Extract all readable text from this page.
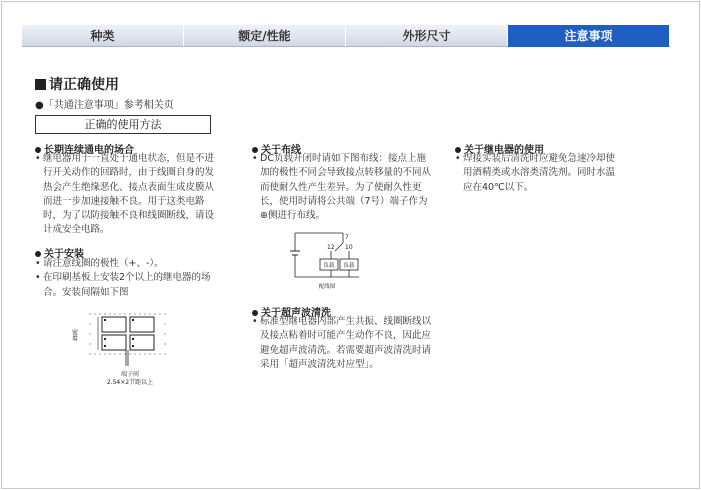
种类	额定/性能	外形尺寸	注意事项
请正确使用
●「共通注意事项」参考相关页
正确的使用方法
长期连续通电的场合
• 继电器用于一直处于通电状态，但是不进行开关动作的回路时，由于线圈自身的发热会产生绝缘恶化、接点表面生成皮膜从而进一步加速接触不良。用于这类电路时，为了以防接触不良和线圈断线，请设计成安全电路。
关于安装
• 请注意线圈的极性（+、-）。
• 在印刷基板上安装2个以上的继电器的场合。安装间隔如下图
密着
端子间
2.54×2节距以上
关于布线
• DC负载开闭时请如下图布线：接点上施加的极性不同会导致接点转移量的不同从而使耐久性产生差异。为了使耐久性更长，使用时请将公共端（7号）端子作为⊕侧进行布线。
7
12 10
负载 负载
配线图
关于超声波清洗
• 标准型继电器内部产生共振、线圈断线以及接点粘着时可能产生动作不良，因此应避免超声波清洗。若需要超声波清洗时请采用「超声波清洗对应型」。
关于继电器的使用
• 焊接实装后清洗时应避免急速冷却使用酒精类或水溶类清洗剂。同时水温应在40℃以下。
